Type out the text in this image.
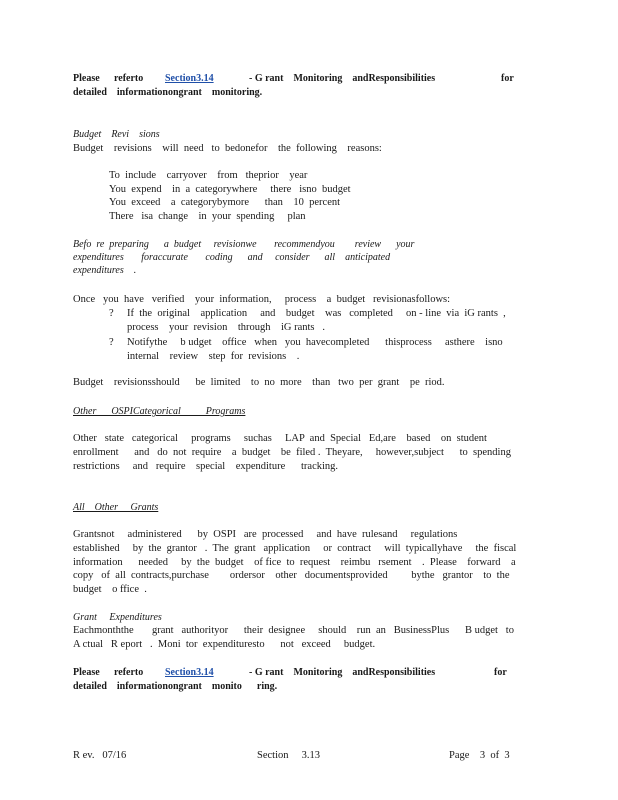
Please referto Section3.14	- G rant    Monitoring    andResponsibilities	for
detailed    informationongrant    monitoring.
Budget    Revi    sions
Budget    revisions    will  need   to  bedonefor    the  following    reasons:
To  include    carryover    from   theprior    year
You  expend    in  a  categorywhere     there   isno  budget
You  exceed    a  categorybymore      than    10  percent
There   isa  change    in  your  spending     plan
Befo  re  preparing      a  budget     revisionwe       recommendyou        review      your
expenditures       foraccurate       coding      and     consider      all    anticipated
expenditures    .
Once   you  have   verified    your  information,     process    a  budget   revisionasfollows:
? If  the  original    application     and    budget    was   completed     on - line  via  iG rants  ,
process    your  revision    through    iG rants   .
? Notifythe     b udget    office   when   you  havecompleted      thisprocess     asthere    isno
internal    review    step  for  revisions    .
Budget    revisionsshould      be  limited    to  no  more    than   two  per  grant    pe  riod.
Other      OSPICategorical          Programs
Other   state   categorical     programs     suchas     LAP  and  Special   Ed,are    based    on  student
enrollment      and   do  not  require    a  budget    be  filed .  Theyare,     however,subject      to  spending
restrictions     and   require    special    expenditure      tracking.
All    Other     Grants
Grantsnot     administered      by  OSPI   are  processed     and  have  rulesand     regulations
established     by  the  grantor   .  The  grant   application     or  contract     will  typicallyhave     the  fiscal
information      needed     by  the  budget    of fice  to  request    reimbu   rsement    .  Please    forward    a
copy   of  all  contracts,purchase        ordersor    other   documentsprovided         bythe   grantor    to  the
budget    o ffice  .
Grant     Expenditures
Eachmonththe       grant   authorityor      their  designee     should    run  an   BusinessPlus      B udget   to
A ctual   R eport   .  Moni  tor  expendituresto      not   exceed     budget.
Please referto Section3.14	- G rant    Monitoring    andResponsibilities	for
detailed    informationongrant    monito      ring.
R ev.   07/16	Section     3.13	Page    3  of  3
